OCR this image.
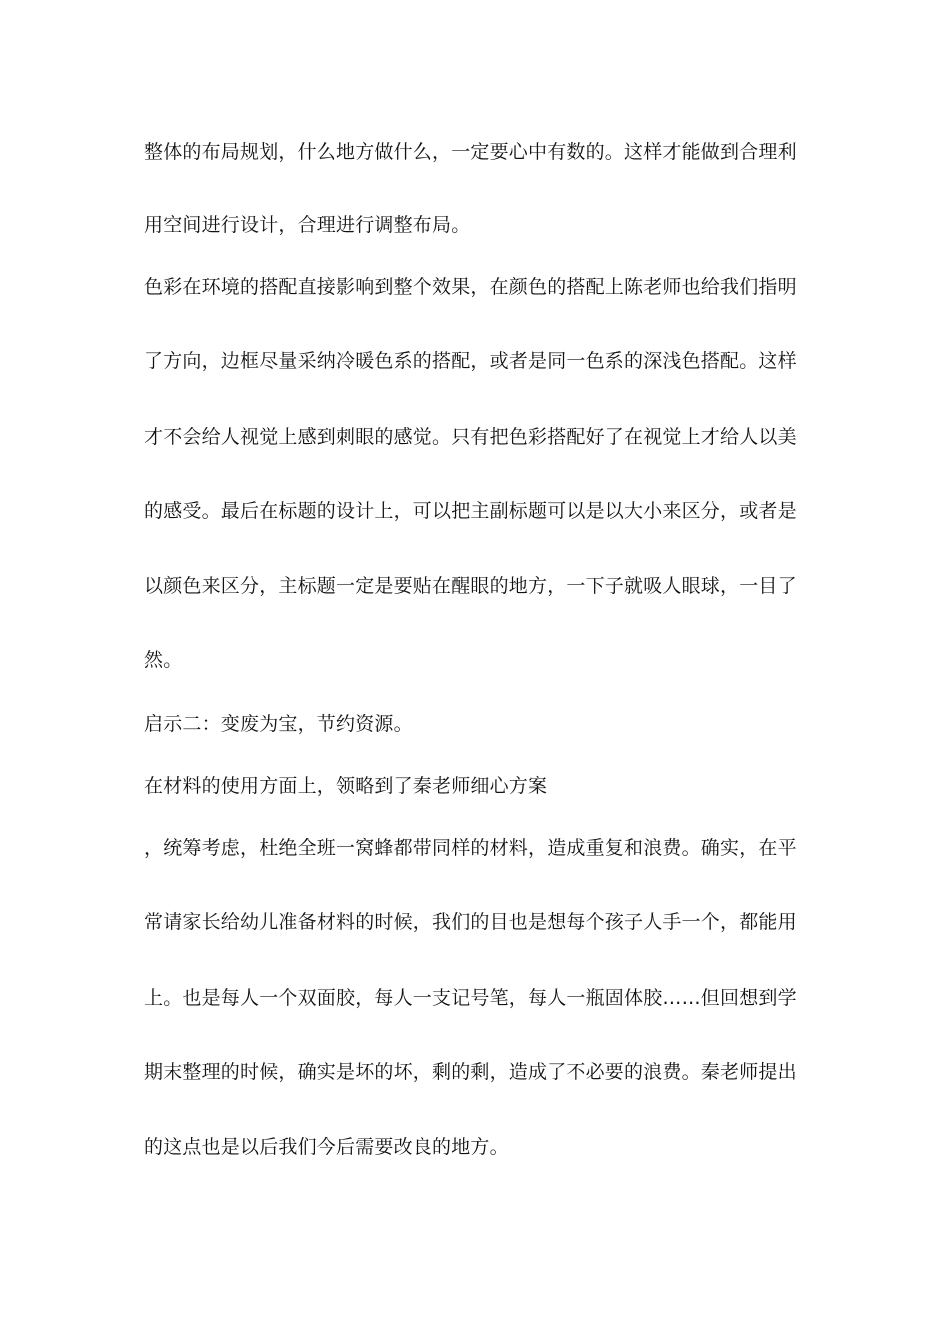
整体的布局规划，什么地方做什么，一定要心中有数的。这样才能做到合理利
用空间进行设计，合理进行调整布局。
色彩在环境的搭配直接影响到整个效果，在颜色的搭配上陈老师也给我们指明
了方向，边框尽量采纳冷暖色系的搭配，或者是同一色系的深浅色搭配。这样
才不会给人视觉上感到刺眼的感觉。只有把色彩搭配好了在视觉上才给人以美
的感受。最后在标题的设计上，可以把主副标题可以是以大小来区分，或者是
以颜色来区分，主标题一定是要贴在醒眼的地方，一下子就吸人眼球，一目了
然。
启示二：变废为宝，节约资源。
在材料的使用方面上，领略到了秦老师细心方案
，统筹考虑，杜绝全班一窝蜂都带同样的材料，造成重复和浪费。确实，在平
常请家长给幼儿准备材料的时候，我们的目也是想每个孩子人手一个，都能用
上。也是每人一个双面胶，每人一支记号笔，每人一瓶固体胶……但回想到学
期末整理的时候，确实是坏的坏，剩的剩，造成了不必要的浪费。秦老师提出
的这点也是以后我们今后需要改良的地方。
